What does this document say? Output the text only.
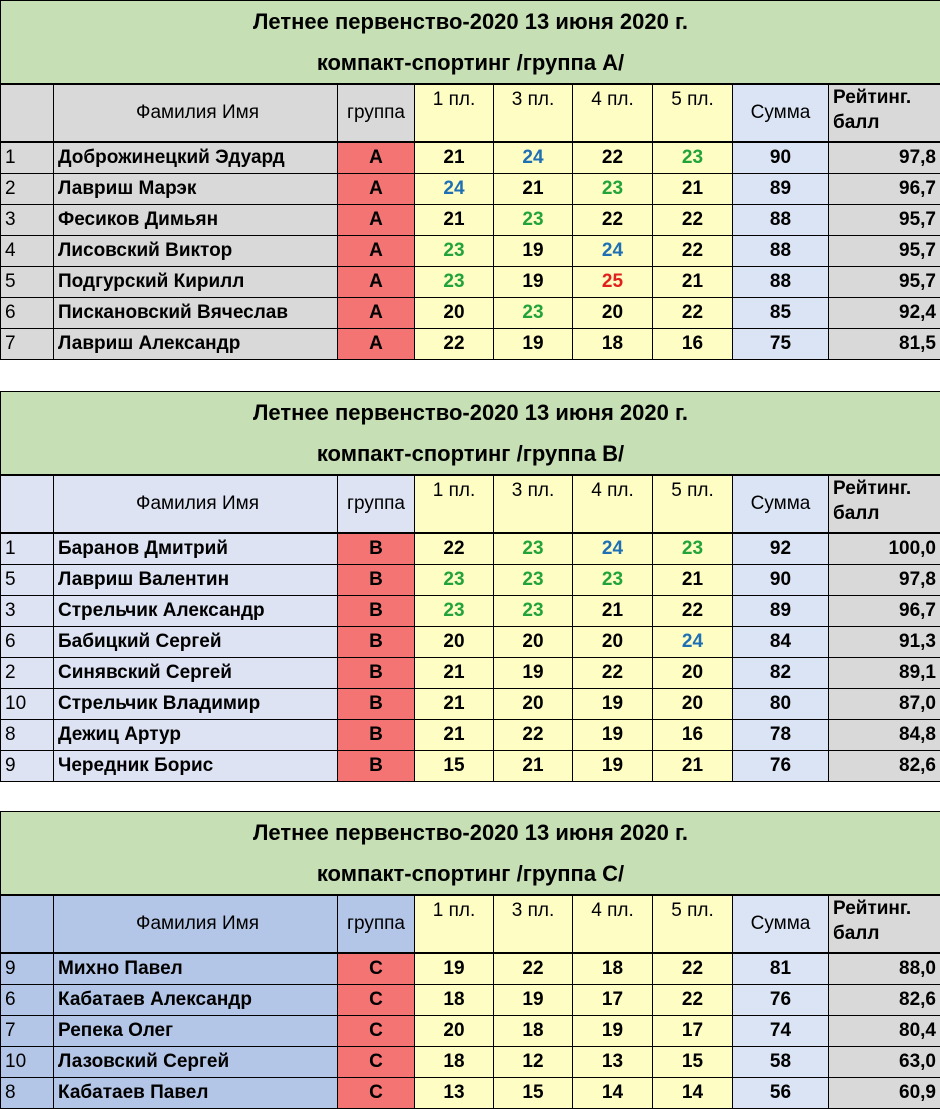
Летнее первенство-2020 13 июня 2020 г.
компакт-спортинг /группа А/								

	Фамилия Имя	группа	1 пл.	3 пл.	4 пл.	5 пл.	Сумма	Рейтинг. балл
1	Доброжинецкий Эдуард	А	21	24	22	23	90	97,8
2	Лавриш Марэк	А	24	21	23	21	89	96,7
3	Фесиков Димьян	А	21	23	22	22	88	95,7
4	Лисовский Виктор	А	23	19	24	22	88	95,7
5	Подгурский Кирилл	А	23	19	25	21	88	95,7
6	Пискановский Вячеслав	А	20	23	20	22	85	92,4
7	Лавриш Александр	А	22	19	18	16	75	81,5
Летнее первенство-2020 13 июня 2020 г.
компакт-спортинг /группа В/								

	Фамилия Имя	группа	1 пл.	3 пл.	4 пл.	5 пл.	Сумма	Рейтинг. балл
1	Баранов Дмитрий	В	22	23	24	23	92	100,0
5	Лавриш Валентин	В	23	23	23	21	90	97,8
3	Стрельчик Александр	В	23	23	21	22	89	96,7
6	Бабицкий Сергей	В	20	20	20	24	84	91,3
2	Синявский Сергей	В	21	19	22	20	82	89,1
10	Стрельчик Владимир	В	21	20	19	20	80	87,0
8	Дежиц Артур	В	21	22	19	16	78	84,8
9	Чередник Борис	В	15	21	19	21	76	82,6
Летнее первенство-2020 13 июня 2020 г.
компакт-спортинг /группа С/								

	Фамилия Имя	группа	1 пл.	3 пл.	4 пл.	5 пл.	Сумма	Рейтинг. балл
9	Михно Павел	С	19	22	18	22	81	88,0
6	Кабатаев Александр	С	18	19	17	22	76	82,6
7	Репека Олег	С	20	18	19	17	74	80,4
10	Лазовский Сергей	С	18	12	13	15	58	63,0
8	Кабатаев Павел	С	13	15	14	14	56	60,9
